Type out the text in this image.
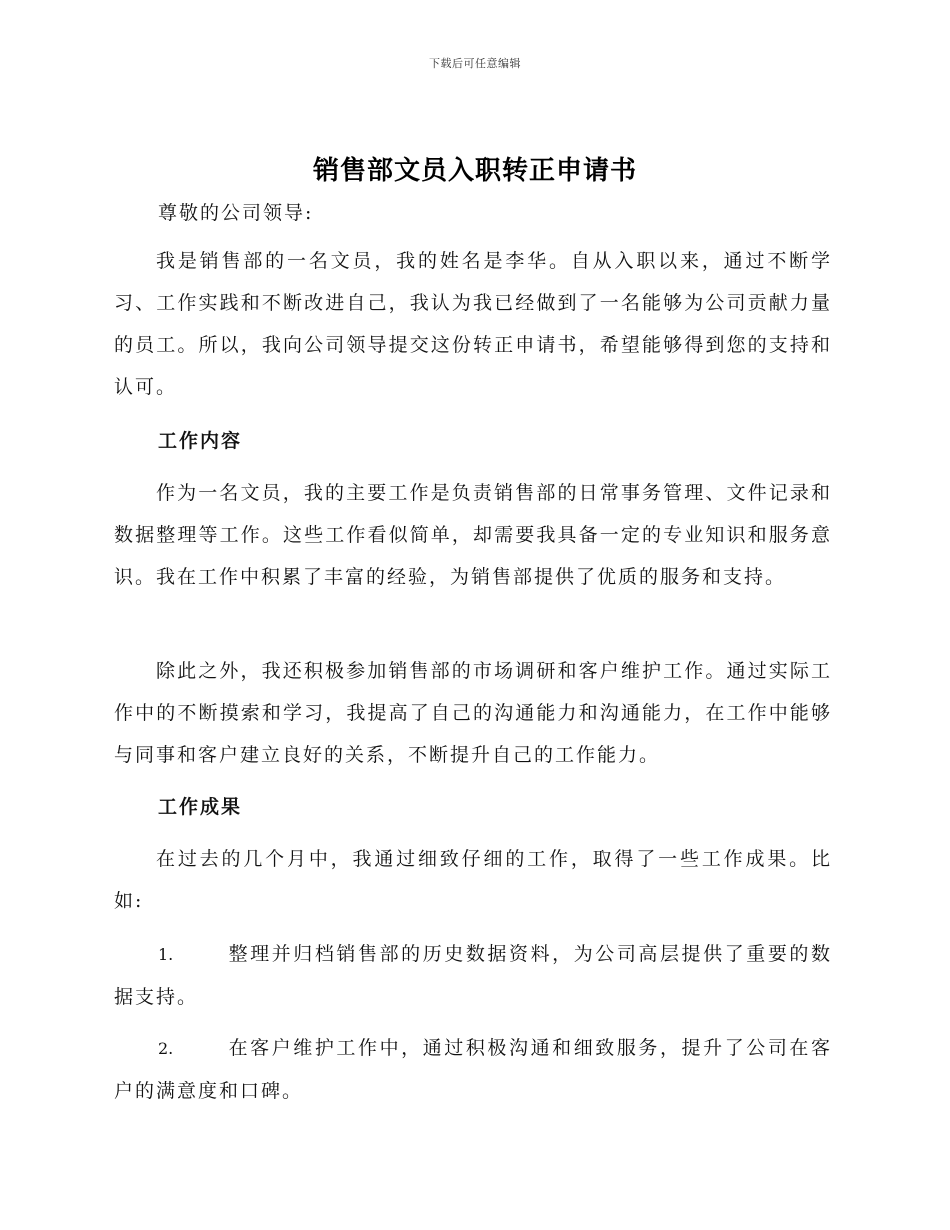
下载后可任意编辑
销售部文员入职转正申请书
尊敬的公司领导:

我是销售部的一名文员，我的姓名是李华。自从入职以来，通过不断学习、工作实践和不断改进自己，我认为我已经做到了一名能够为公司贡献力量的员工。所以，我向公司领导提交这份转正申请书，希望能够得到您的支持和认可。

工作内容

作为一名文员，我的主要工作是负责销售部的日常事务管理、文件记录和数据整理等工作。这些工作看似简单，却需要我具备一定的专业知识和服务意识。我在工作中积累了丰富的经验，为销售部提供了优质的服务和支持。

除此之外，我还积极参加销售部的市场调研和客户维护工作。通过实际工作中的不断摸索和学习，我提高了自己的沟通能力和沟通能力，在工作中能够与同事和客户建立良好的关系，不断提升自己的工作能力。

工作成果

在过去的几个月中，我通过细致仔细的工作，取得了一些工作成果。比如:

1.	整理并归档销售部的历史数据资料，为公司高层提供了重要的数据支持。
2.	在客户维护工作中，通过积极沟通和细致服务，提升了公司在客户的满意度和口碑。
